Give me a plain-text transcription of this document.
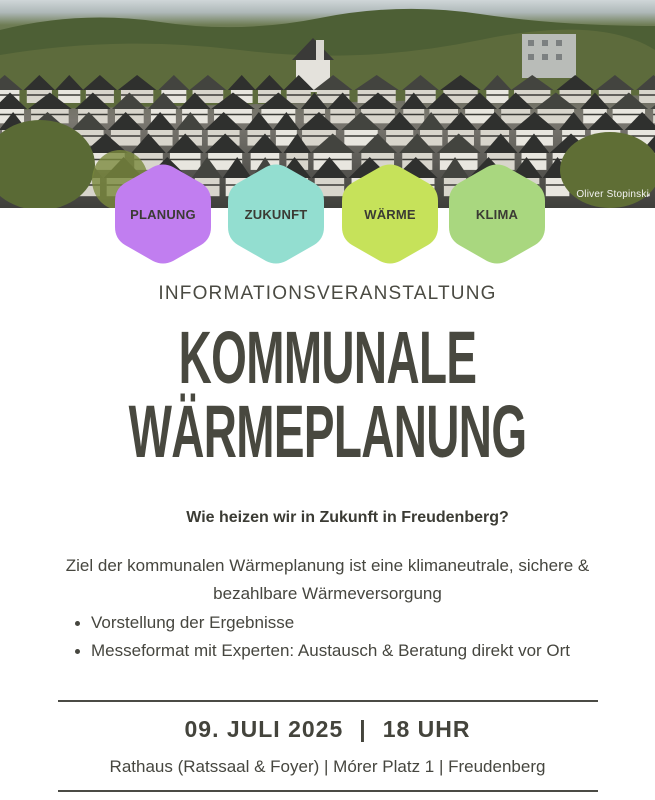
Oliver Stopinski
PLANUNG	ZUKUNFT	WÄRME	KLIMA
INFORMATIONSVERANSTALTUNG
KOMMUNALE
WÄRMEPLANUNG
Wie heizen wir in Zukunft in Freudenberg?
Ziel der kommunalen Wärmeplanung ist eine klimaneutrale, sichere & bezahlbare Wärmeversorgung
Vorstellung der Ergebnisse
Messeformat mit Experten: Austausch & Beratung direkt vor Ort
09. JULI 2025 | 18 UHR
Rathaus (Ratssaal & Foyer) | Mórer Platz 1 | Freudenberg
